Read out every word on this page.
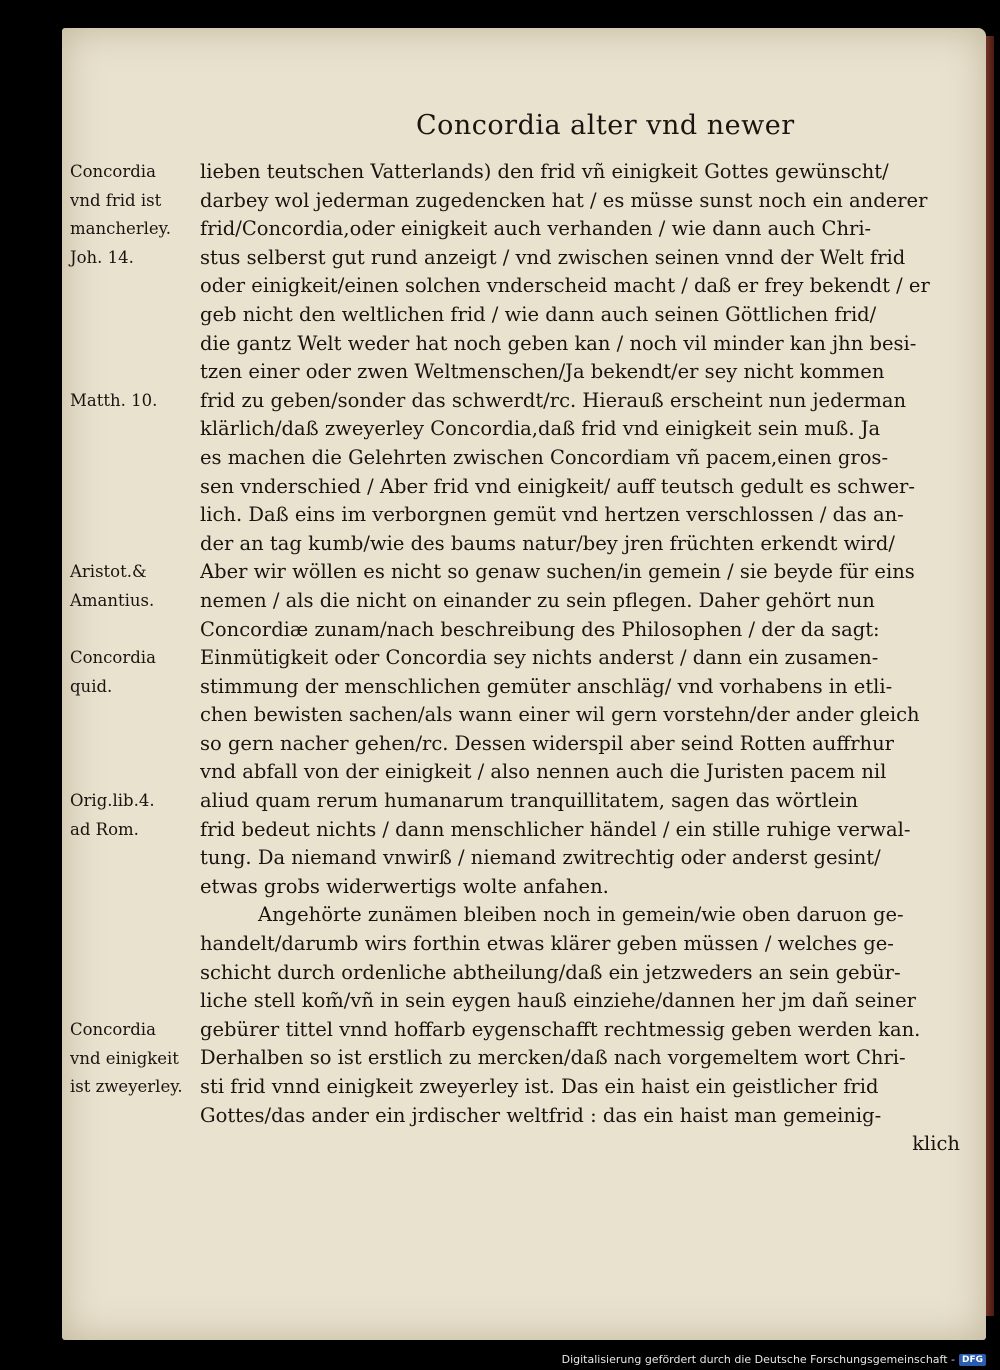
Concordia alter vnd newer
lieben teutschen Vatterlands) den frid vñ einigkeit Gottes gewünscht/
darbey wol jederman zugedencken hat / es müsse sunst noch ein anderer
frid/Concordia,oder einigkeit auch verhanden / wie dann auch Chri-
stus selberst gut rund anzeigt / vnd zwischen seinen vnnd der Welt frid
oder einigkeit/einen solchen vnderscheid macht / daß er frey bekendt / er
geb nicht den weltlichen frid / wie dann auch seinen Göttlichen frid/
die gantz Welt weder hat noch geben kan / noch vil minder kan jhn besi-
tzen einer oder zwen Weltmenschen/Ja bekendt/er sey nicht kommen
frid zu geben/sonder das schwerdt/rc. Hierauß erscheint nun jederman
klärlich/daß zweyerley Concordia,daß frid vnd einigkeit sein muß. Ja
es machen die Gelehrten zwischen Concordiam vñ pacem,einen gros-
sen vnderschied / Aber frid vnd einigkeit/ auff teutsch gedult es schwer-
lich. Daß eins im verborgnen gemüt vnd hertzen verschlossen / das an-
der an tag kumb/wie des baums natur/bey jren früchten erkendt wird/
Aber wir wöllen es nicht so genaw suchen/in gemein / sie beyde für eins
nemen / als die nicht on einander zu sein pflegen. Daher gehört nun
Concordiæ zunam/nach beschreibung des Philosophen / der da sagt:
Einmütigkeit oder Concordia sey nichts anderst / dann ein zusamen-
stimmung der menschlichen gemüter anschläg/ vnd vorhabens in etli-
chen bewisten sachen/als wann einer wil gern vorstehn/der ander gleich
so gern nacher gehen/rc. Dessen widerspil aber seind Rotten auffrhur
vnd abfall von der einigkeit / also nennen auch die Juristen pacem nil
aliud quam rerum humanarum tranquillitatem, sagen das wörtlein
frid bedeut nichts / dann menschlicher händel / ein stille ruhige verwal-
tung. Da niemand vnwirß / niemand zwitrechtig oder anderst gesint/
etwas grobs widerwertigs wolte anfahen.
Angehörte zunämen bleiben noch in gemein/wie oben daruon ge-
handelt/darumb wirs forthin etwas klärer geben müssen / welches ge-
schicht durch ordenliche abtheilung/daß ein jetzweders an sein gebür-
liche stell kom̃/vñ in sein eygen hauß einziehe/dannen her jm dañ seiner
gebürer tittel vnnd hoffarb eygenschafft rechtmessig geben werden kan.
Derhalben so ist erstlich zu mercken/daß nach vorgemeltem wort Chri-
sti frid vnnd einigkeit zweyerley ist. Das ein haist ein geistlicher frid
Gottes/das ander ein jrdischer weltfrid : das ein haist man gemeinig-
klich
Concordia
vnd frid ist
mancherley.
Joh. 14.
Matth. 10.
Aristot.&
Amantius.
Concordia
quid.
Orig.lib.4.
ad Rom.
Concordia
vnd einigkeit
ist zweyerley.
Digitalisierung gefördert durch die Deutsche Forschungsgemeinschaft - DFG
